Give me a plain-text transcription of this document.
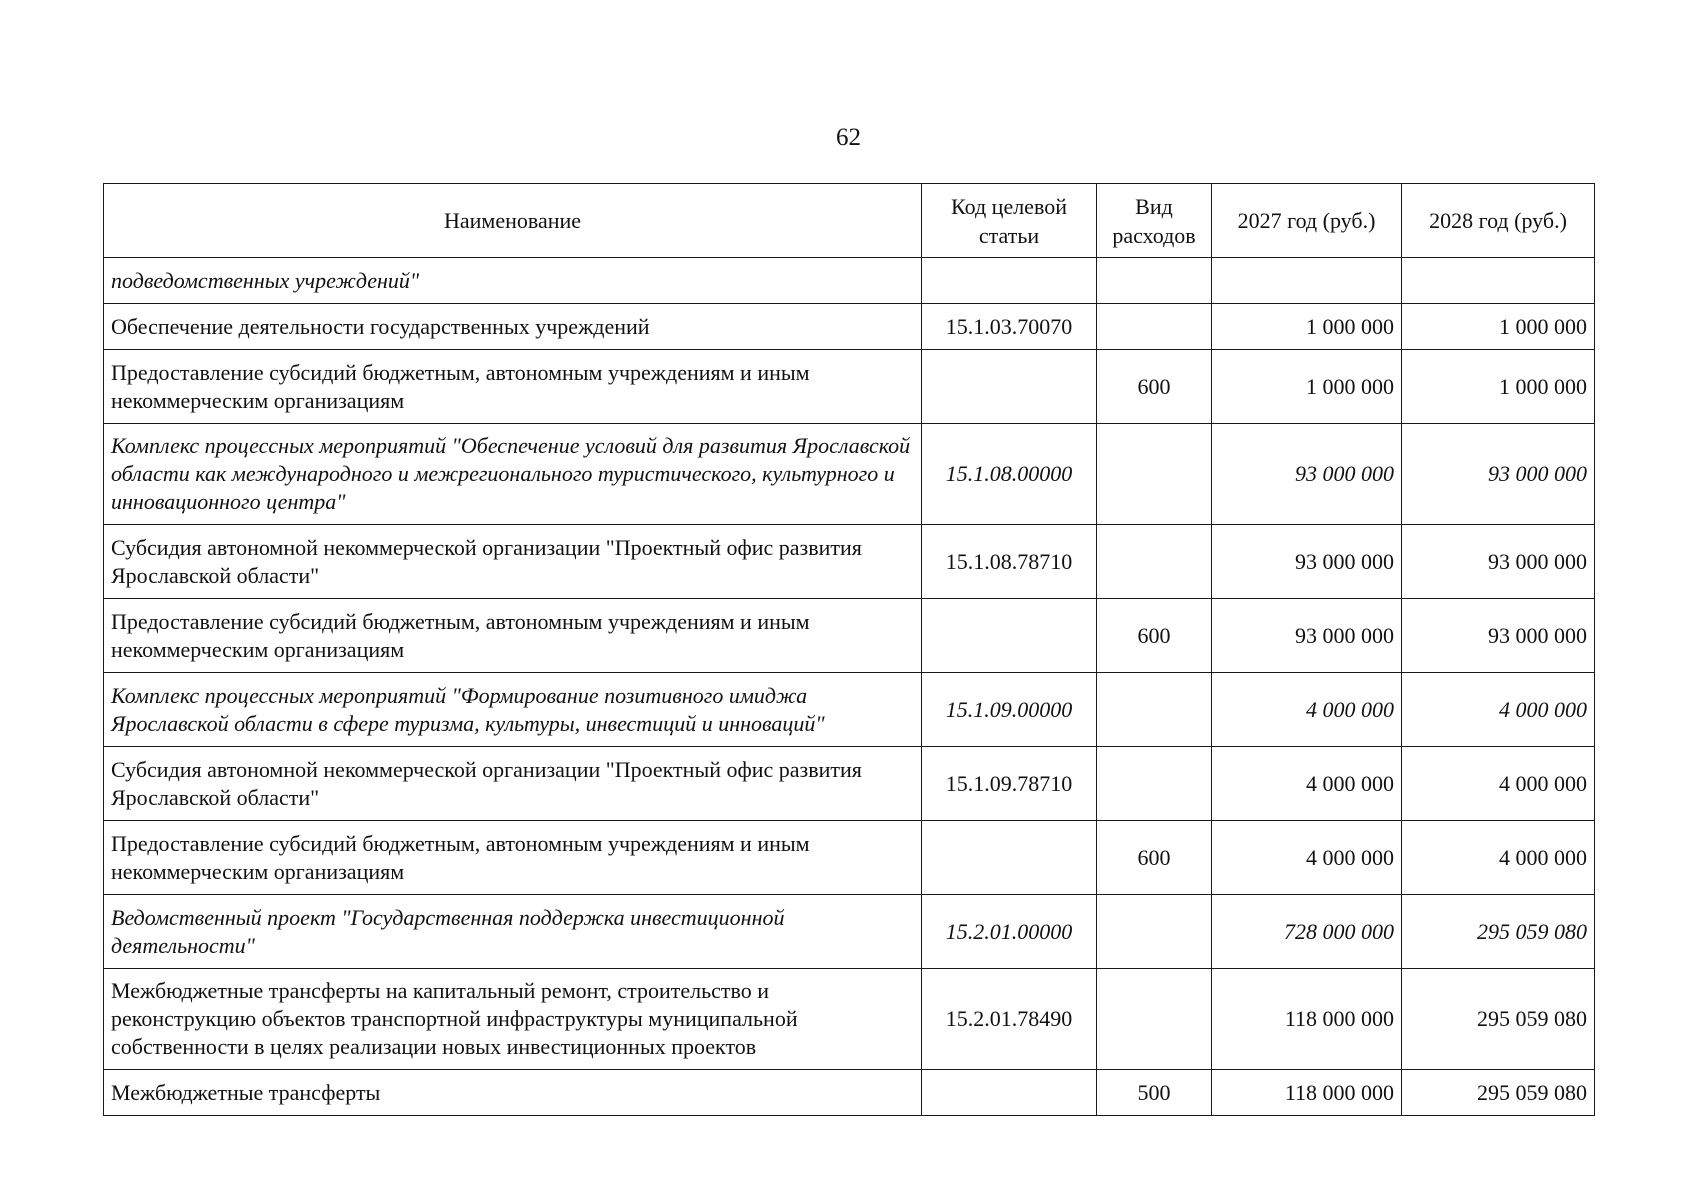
62
Наименование	Код целевой статьи	Вид расходов	2027 год (руб.)	2028 год (руб.)
подведомственных учреждений"				
Обеспечение деятельности государственных учреждений	15.1.03.70070		1 000 000	1 000 000
Предоставление субсидий бюджетным, автономным учреждениям и иным некоммерческим организациям		600	1 000 000	1 000 000
Комплекс процессных мероприятий "Обеспечение условий для развития Ярославской области как международного и межрегионального туристического, культурного и инновационного центра"	15.1.08.00000		93 000 000	93 000 000
Субсидия автономной некоммерческой организации "Проектный офис развития Ярославской области"	15.1.08.78710		93 000 000	93 000 000
Предоставление субсидий бюджетным, автономным учреждениям и иным некоммерческим организациям		600	93 000 000	93 000 000
Комплекс процессных мероприятий "Формирование позитивного имиджа Ярославской области в сфере туризма, культуры, инвестиций и инноваций"	15.1.09.00000		4 000 000	4 000 000
Субсидия автономной некоммерческой организации "Проектный офис развития Ярославской области"	15.1.09.78710		4 000 000	4 000 000
Предоставление субсидий бюджетным, автономным учреждениям и иным некоммерческим организациям		600	4 000 000	4 000 000
Ведомственный проект "Государственная поддержка инвестиционной деятельности"	15.2.01.00000		728 000 000	295 059 080
Межбюджетные трансферты на капитальный ремонт, строительство и реконструкцию объектов транспортной инфраструктуры муниципальной собственности в целях реализации новых инвестиционных проектов	15.2.01.78490		118 000 000	295 059 080
Межбюджетные трансферты		500	118 000 000	295 059 080
